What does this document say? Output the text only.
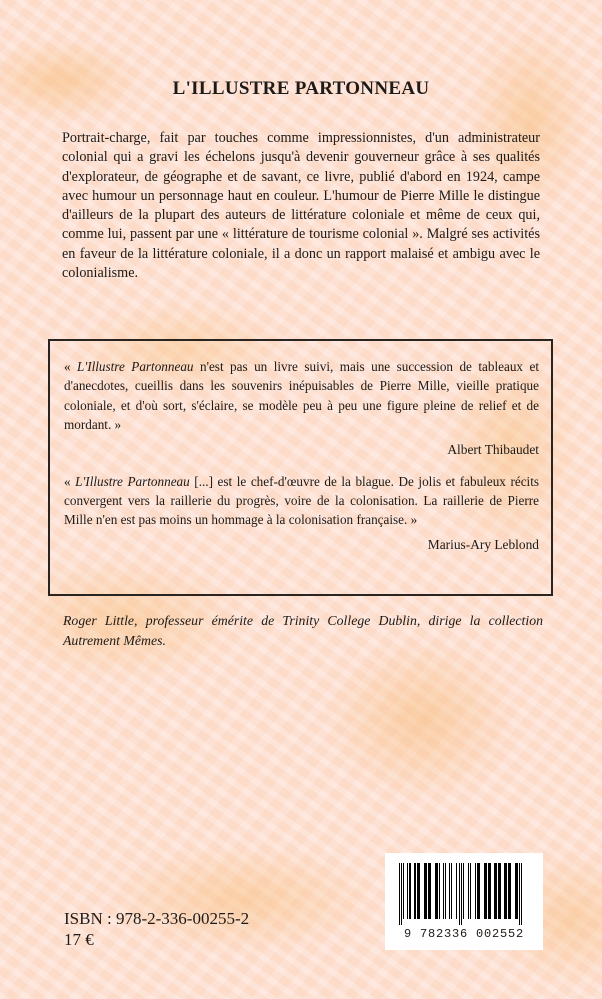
L'ILLUSTRE PARTONNEAU
Portrait-charge, fait par touches comme impressionnistes, d'un administrateur colonial qui a gravi les échelons jusqu'à devenir gouverneur grâce à ses qualités d'explorateur, de géographe et de savant, ce livre, publié d'abord en 1924, campe avec humour un personnage haut en couleur. L'humour de Pierre Mille le distingue d'ailleurs de la plupart des auteurs de littérature coloniale et même de ceux qui, comme lui, passent par une « littérature de tourisme colonial ». Malgré ses activités en faveur de la littérature coloniale, il a donc un rapport malaisé et ambigu avec le colonialisme.

« L'Illustre Partonneau n'est pas un livre suivi, mais une succession de tableaux et d'anecdotes, cueillis dans les souvenirs inépuisables de Pierre Mille, vieille pratique coloniale, et d'où sort, s'éclaire, se modèle peu à peu une figure pleine de relief et de mordant. »

Albert Thibaudet

« L'Illustre Partonneau [...] est le chef-d'œuvre de la blague. De jolis et fabuleux récits convergent vers la raillerie du progrès, voire de la colonisation. La raillerie de Pierre Mille n'en est pas moins un hommage à la colonisation française. »

Marius-Ary Leblond
Roger Little, professeur émérite de Trinity College Dublin, dirige la collection Autrement Mêmes.
ISBN : 978-2-336-00255-2
17 €	9 782336 002552
